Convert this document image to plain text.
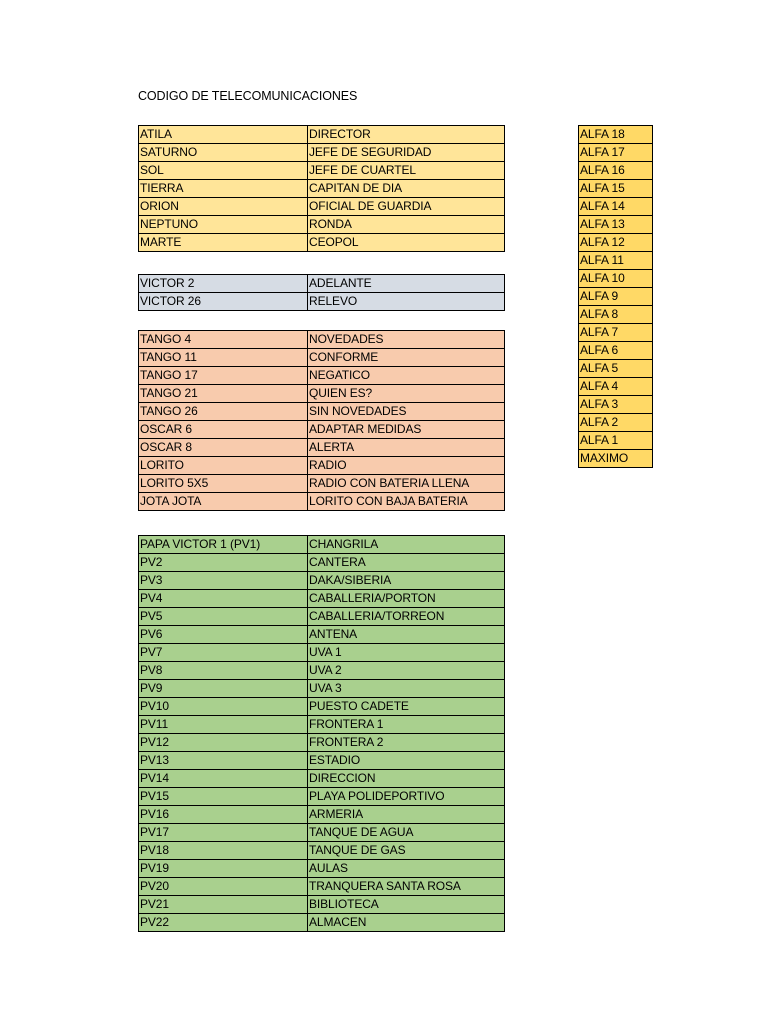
CODIGO DE TELECOMUNICACIONES
ATILA	DIRECTOR
SATURNO	JEFE DE SEGURIDAD
SOL	JEFE DE CUARTEL
TIERRA	CAPITAN DE DIA
ORION	OFICIAL DE GUARDIA
NEPTUNO	RONDA
MARTE	CEOPOL
VICTOR 2	ADELANTE
VICTOR 26	RELEVO
TANGO 4	NOVEDADES
TANGO 11	CONFORME
TANGO 17	NEGATICO
TANGO 21	QUIEN ES?
TANGO 26	SIN NOVEDADES
OSCAR 6	ADAPTAR MEDIDAS
OSCAR 8	ALERTA
LORITO	RADIO
LORITO 5X5	RADIO CON BATERIA LLENA
JOTA JOTA	LORITO CON BAJA BATERIA
PAPA VICTOR 1 (PV1)	CHANGRILA
PV2	CANTERA
PV3	DAKA/SIBERIA
PV4	CABALLERIA/PORTON
PV5	CABALLERIA/TORREON
PV6	ANTENA
PV7	UVA 1
PV8	UVA 2
PV9	UVA 3
PV10	PUESTO CADETE
PV11	FRONTERA 1
PV12	FRONTERA 2
PV13	ESTADIO
PV14	DIRECCION
PV15	PLAYA POLIDEPORTIVO
PV16	ARMERIA
PV17	TANQUE DE AGUA
PV18	TANQUE DE GAS
PV19	AULAS
PV20	TRANQUERA SANTA ROSA
PV21	BIBLIOTECA
PV22	ALMACEN
ALFA 18
ALFA 17
ALFA 16
ALFA 15
ALFA 14
ALFA 13
ALFA 12
ALFA 11
ALFA 10
ALFA 9
ALFA 8
ALFA 7
ALFA 6
ALFA 5
ALFA 4
ALFA 3
ALFA 2
ALFA 1
MAXIMO
